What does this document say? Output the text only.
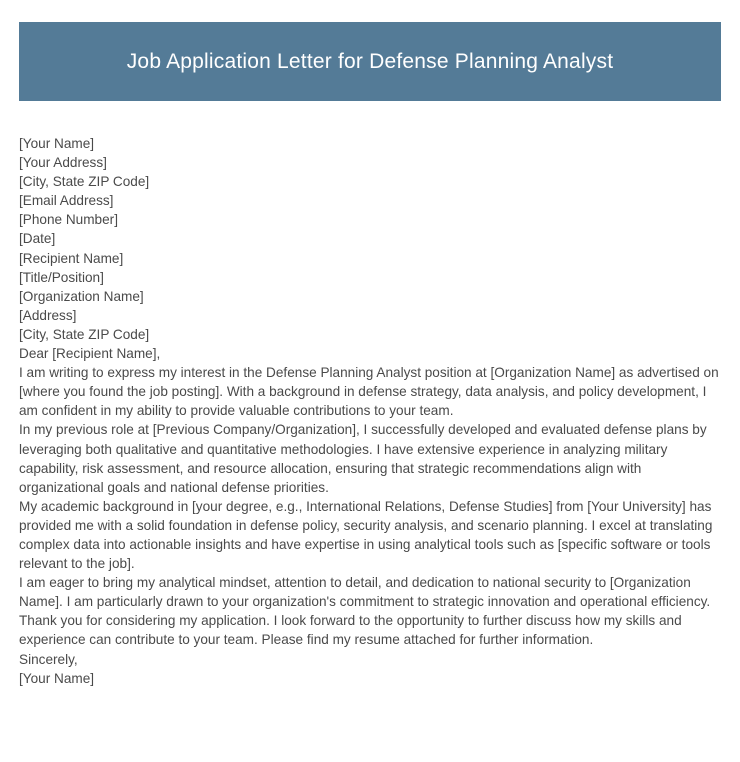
Job Application Letter for Defense Planning Analyst
[Your Name]
[Your Address]
[City, State ZIP Code]
[Email Address]
[Phone Number]
[Date]
[Recipient Name]
[Title/Position]
[Organization Name]
[Address]
[City, State ZIP Code]
Dear [Recipient Name],

I am writing to express my interest in the Defense Planning Analyst position at [Organization Name] as advertised on [where you found the job posting]. With a background in defense strategy, data analysis, and policy development, I am confident in my ability to provide valuable contributions to your team.

In my previous role at [Previous Company/Organization], I successfully developed and evaluated defense plans by leveraging both qualitative and quantitative methodologies. I have extensive experience in analyzing military capability, risk assessment, and resource allocation, ensuring that strategic recommendations align with organizational goals and national defense priorities.

My academic background in [your degree, e.g., International Relations, Defense Studies] from [Your University] has provided me with a solid foundation in defense policy, security analysis, and scenario planning. I excel at translating complex data into actionable insights and have expertise in using analytical tools such as [specific software or tools relevant to the job].

I am eager to bring my analytical mindset, attention to detail, and dedication to national security to [Organization Name]. I am particularly drawn to your organization's commitment to strategic innovation and operational efficiency.

Thank you for considering my application. I look forward to the opportunity to further discuss how my skills and experience can contribute to your team. Please find my resume attached for further information.

Sincerely,
[Your Name]
